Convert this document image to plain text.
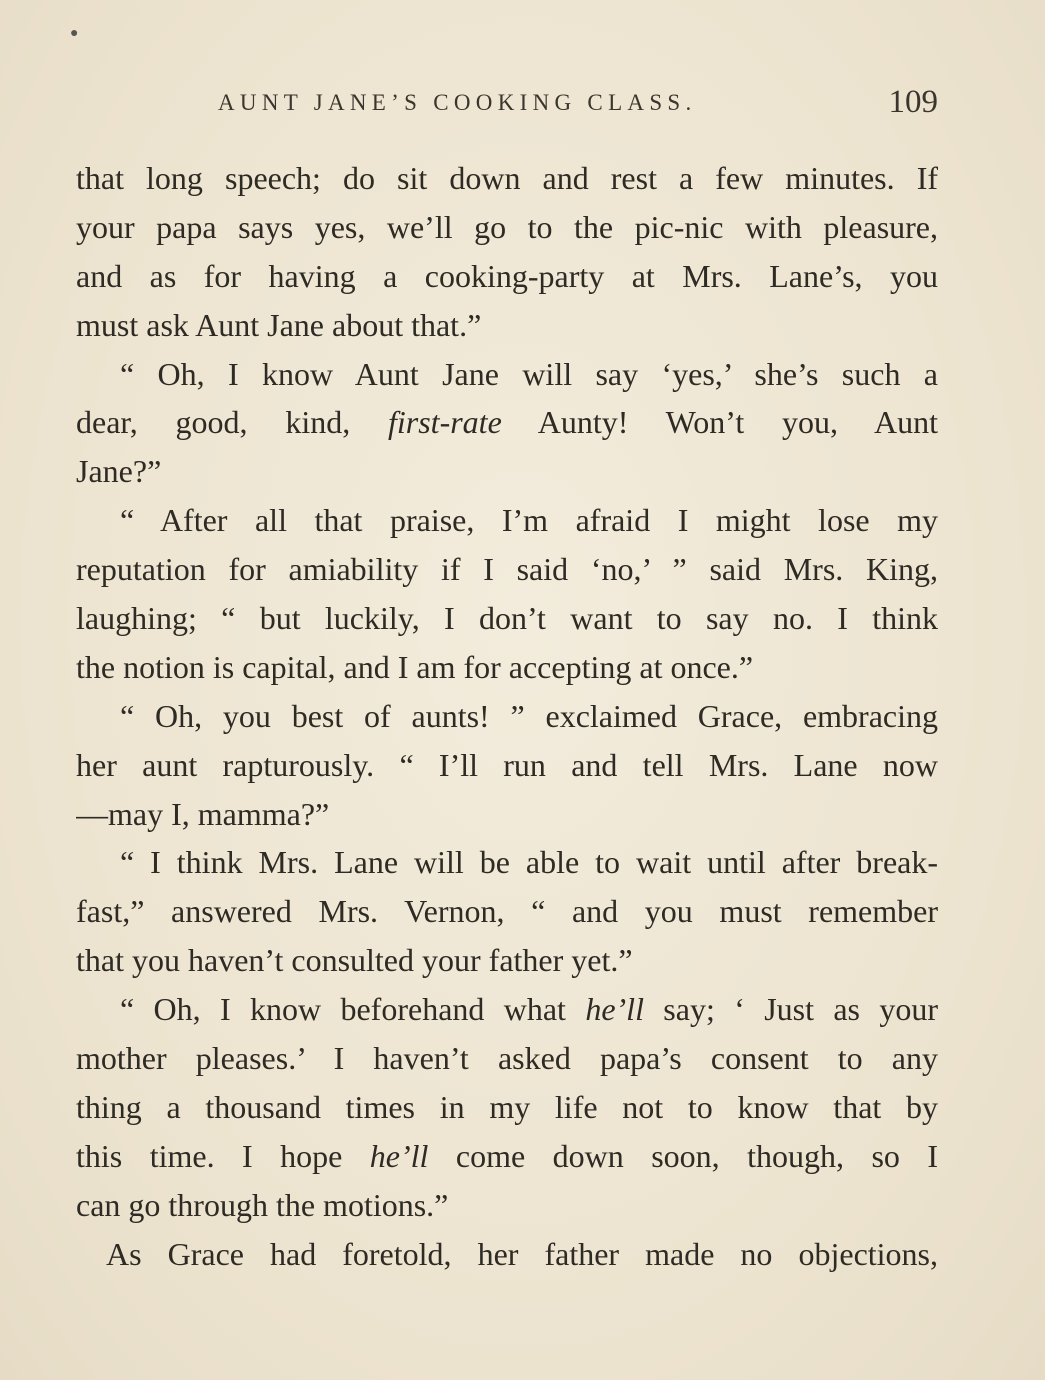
●
AUNT JANE’S COOKING CLASS.	109
that long speech; do sit down and rest a few minutes. If
your papa says yes, we’ll go to the pic-nic with pleasure,
and as for having a cooking-party at Mrs. Lane’s, you
must ask Aunt Jane about that.”
“ Oh, I know Aunt Jane will say ‘yes,’ she’s such a
dear, good, kind, first-rate Aunty! Won’t you, Aunt
Jane?”
“ After all that praise, I’m afraid I might lose my
reputation for amiability if I said ‘no,’ ” said Mrs. King,
laughing; “ but luckily, I don’t want to say no. I think
the notion is capital, and I am for accepting at once.”
“ Oh, you best of aunts! ” exclaimed Grace, embracing
her aunt rapturously. “ I’ll run and tell Mrs. Lane now
—may I, mamma?”
“ I think Mrs. Lane will be able to wait until after break-
fast,” answered Mrs. Vernon, “ and you must remember
that you haven’t consulted your father yet.”
“ Oh, I know beforehand what he’ll say; ‘ Just as your
mother pleases.’ I haven’t asked papa’s consent to any
thing a thousand times in my life not to know that by
this time. I hope he’ll come down soon, though, so I
can go through the motions.”
As Grace had foretold, her father made no objections,
